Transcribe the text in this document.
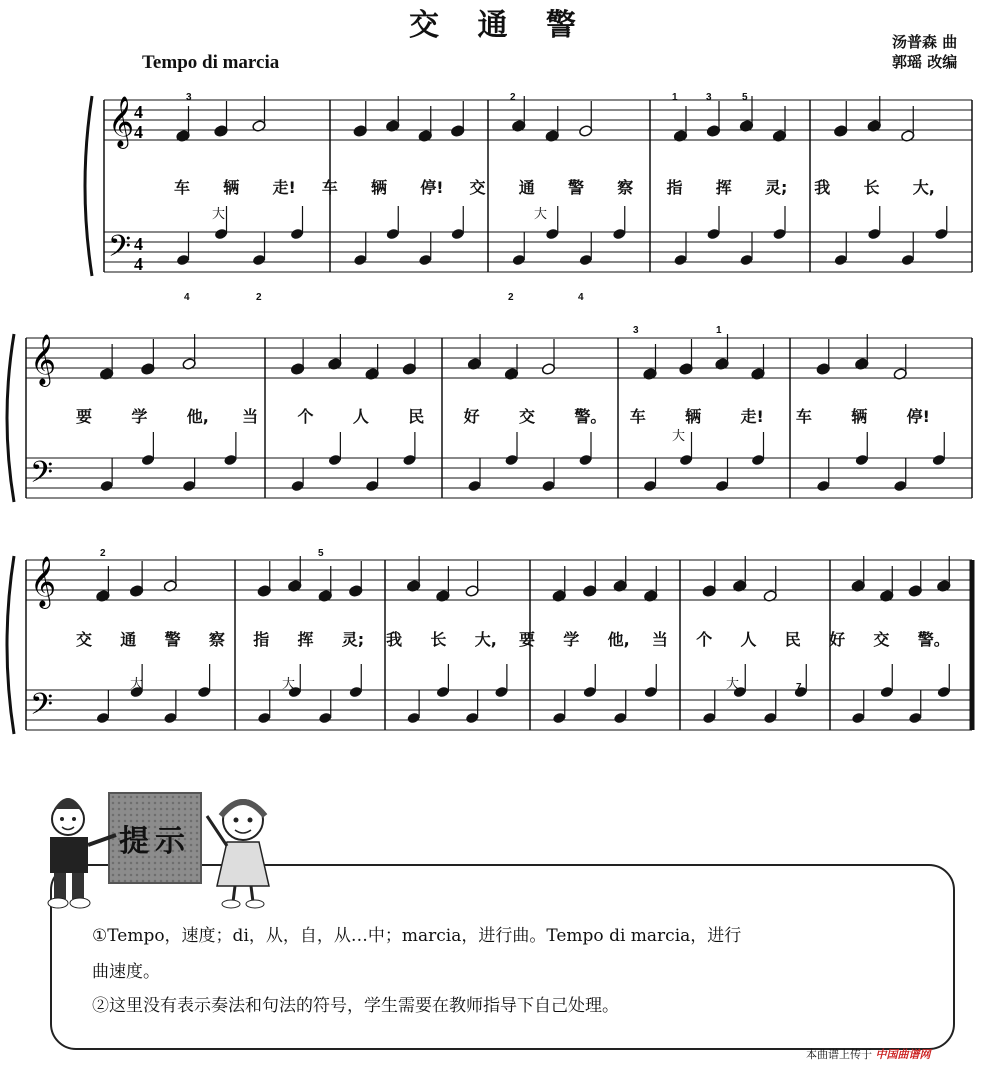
交 通 警	汤普森 曲
郭瑶 改编
Tempo di marcia
𝄞
𝄢
4
4
4
4
车 辆 走! 车 辆 停! 交 通 警 察 指 挥 灵; 我 长 大,
3	2	1	3	5
4	2	2	4
大	大
𝄞
𝄢
要 学 他, 当 个 人 民 好 交 警。 车 辆 走! 车 辆 停!
3	1
大
𝄞
𝄢
交 通 警 察 指 挥 灵; 我 长 大, 要 学 他, 当 个 人 民 好 交 警。
2	5
7
大	大	大
提示
①Tempo，速度；di，从，自，从…中；marcia，进行曲。Tempo di marcia，进行
曲速度。
②这里没有表示奏法和句法的符号，学生需要在教师指导下自己处理。
本曲谱上传于 中国曲谱网
